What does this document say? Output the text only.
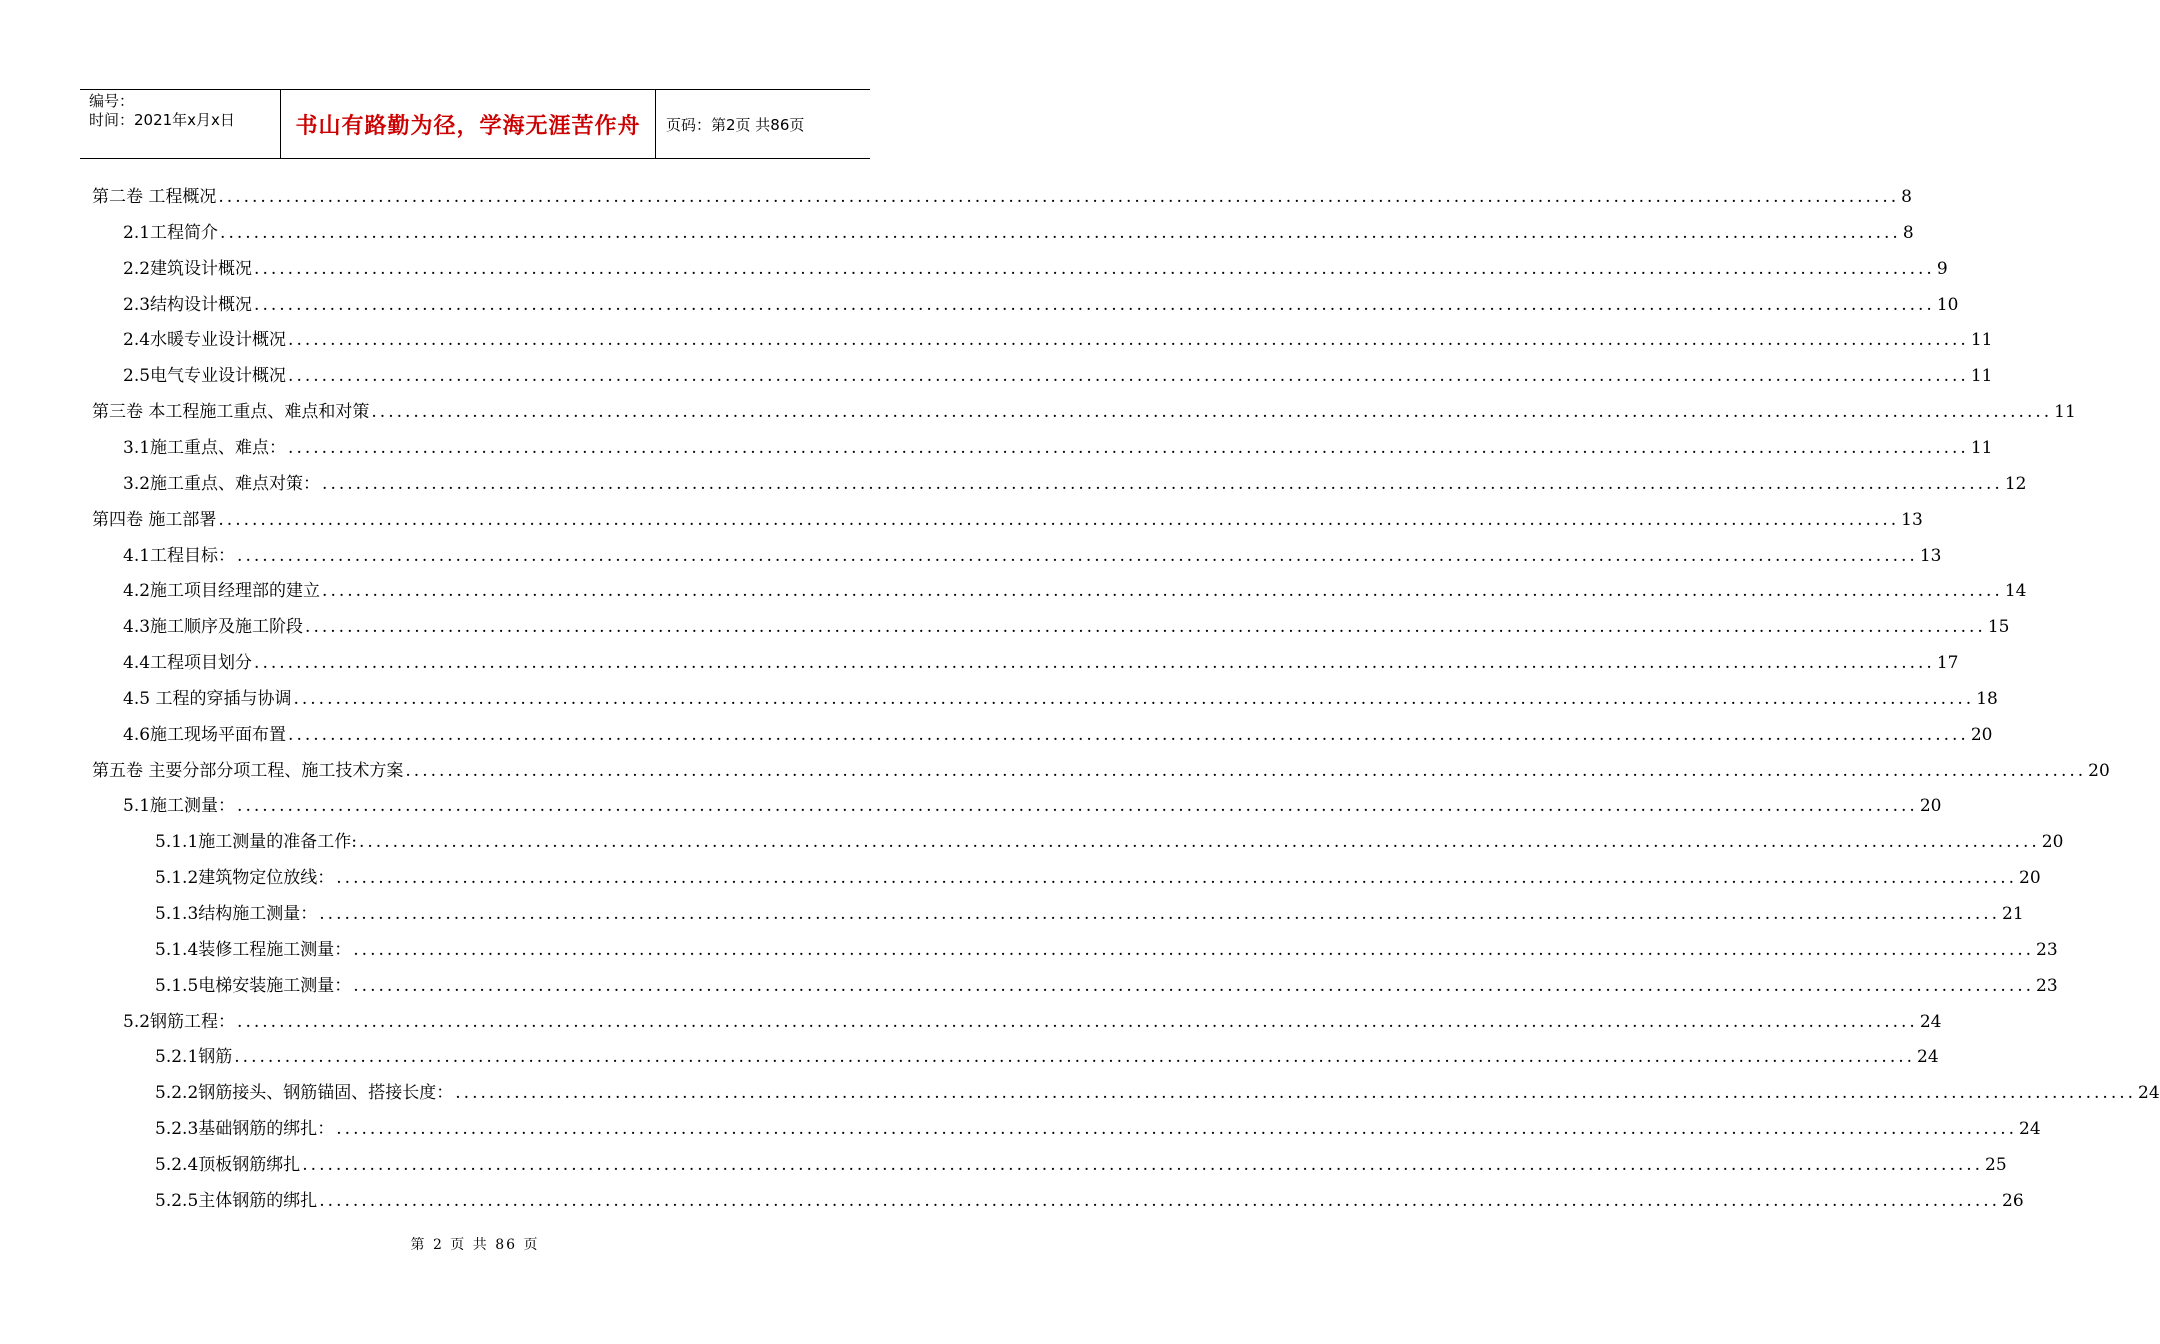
编号：
时间：2021年x月x日	书山有路勤为径，学海无涯苦作舟	页码：第2页 共86页
第二卷 工程概况 ........................................................................................................................................................................................................ 8
2.1工程简介 ........................................................................................................................................................................................................ 8
2.2建筑设计概况 ........................................................................................................................................................................................................ 9
2.3结构设计概况 ........................................................................................................................................................................................................ 10
2.4水暖专业设计概况 ........................................................................................................................................................................................................ 11
2.5电气专业设计概况 ........................................................................................................................................................................................................ 11
第三卷 本工程施工重点、难点和对策 ........................................................................................................................................................................................................ 11
3.1施工重点、难点： ........................................................................................................................................................................................................ 11
3.2施工重点、难点对策： ........................................................................................................................................................................................................ 12
第四卷 施工部署 ........................................................................................................................................................................................................ 13
4.1工程目标： ........................................................................................................................................................................................................ 13
4.2施工项目经理部的建立 ........................................................................................................................................................................................................ 14
4.3施工顺序及施工阶段 ........................................................................................................................................................................................................ 15
4.4工程项目划分 ........................................................................................................................................................................................................ 17
4.5 工程的穿插与协调 ........................................................................................................................................................................................................ 18
4.6施工现场平面布置 ........................................................................................................................................................................................................ 20
第五卷 主要分部分项工程、施工技术方案 ........................................................................................................................................................................................................ 20
5.1施工测量： ........................................................................................................................................................................................................ 20
5.1.1施工测量的准备工作: ........................................................................................................................................................................................................ 20
5.1.2建筑物定位放线： ........................................................................................................................................................................................................ 20
5.1.3结构施工测量： ........................................................................................................................................................................................................ 21
5.1.4装修工程施工测量： ........................................................................................................................................................................................................ 23
5.1.5电梯安装施工测量： ........................................................................................................................................................................................................ 23
5.2钢筋工程： ........................................................................................................................................................................................................ 24
5.2.1钢筋 ........................................................................................................................................................................................................ 24
5.2.2钢筋接头、钢筋锚固、搭接长度： ........................................................................................................................................................................................................ 24
5.2.3基础钢筋的绑扎： ........................................................................................................................................................................................................ 24
5.2.4顶板钢筋绑扎 ........................................................................................................................................................................................................ 25
5.2.5主体钢筋的绑扎 ........................................................................................................................................................................................................ 26
第 2 页 共 86 页
